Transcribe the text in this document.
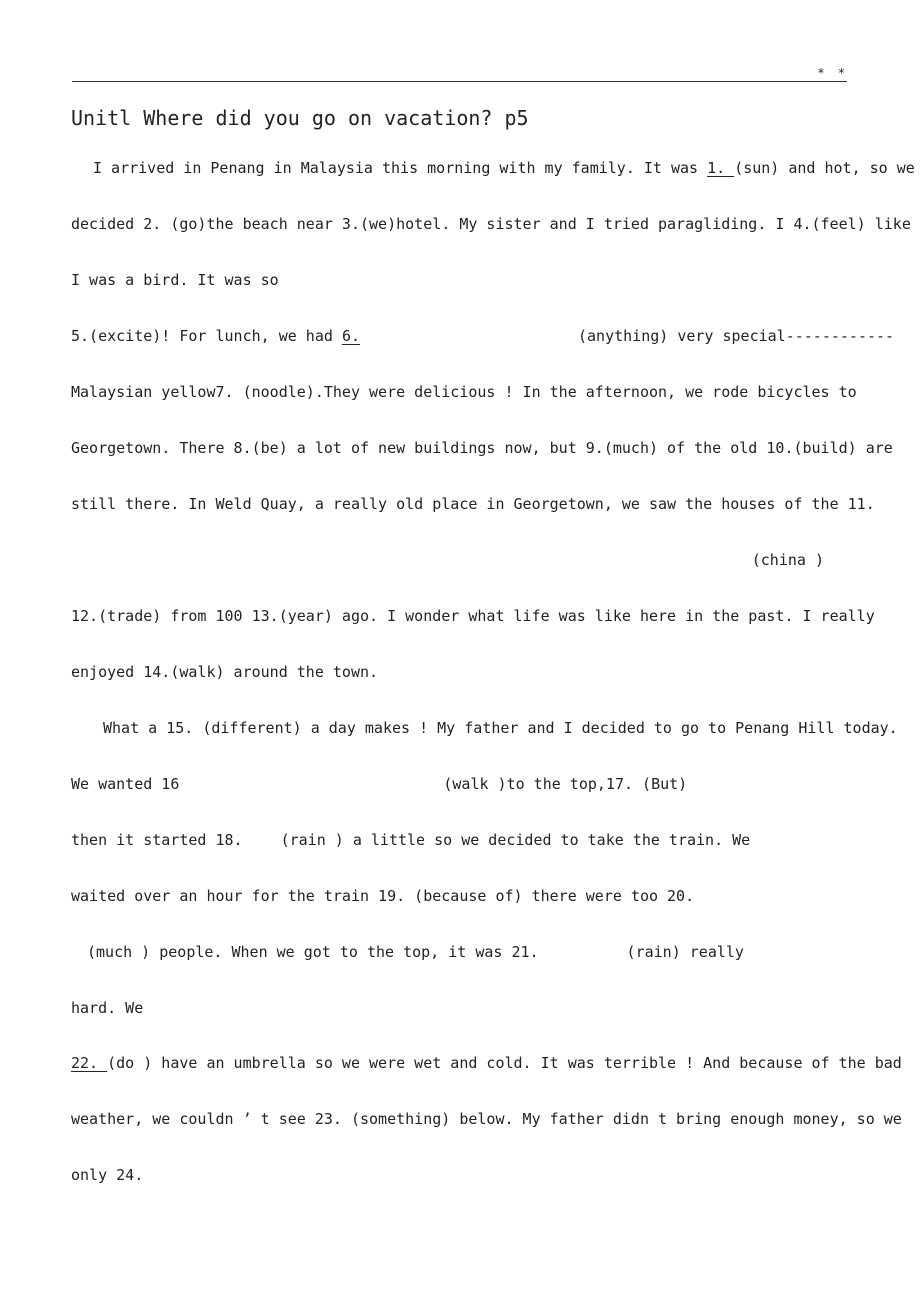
* *
Unitl Where did you go on vacation? p5
I arrived in Penang in Malaysia this morning with my family. It was 1. (sun) and hot, so we
decided 2. (go)the beach near 3.(we)hotel. My sister and I tried paragliding. I 4.(feel) like
I was a bird. It was so
5.(excite)! For lunch, we had 6.	(anything) very special------------
Malaysian yellow7. (noodle).They were delicious ! In the afternoon, we rode bicycles to
Georgetown. There 8.(be) a lot of new buildings now, but 9.(much) of the old 10.(build) are
still there. In Weld Quay, a really old place in Georgetown, we saw the houses of the 11.
(china )
12.(trade) from 100 13.(year) ago. I wonder what life was like here in the past. I really
enjoyed 14.(walk) around the town.
What a 15. (different) a day makes ! My father and I decided to go to Penang Hill today.
We wanted 16	(walk )to the top,17. (But)
then it started 18.	(rain ) a little so we decided to take the train. We
waited over an hour for the train 19. (because of) there were too 20.
(much ) people. When we got to the top, it was 21.	(rain) really
hard. We
22. (do ) have an umbrella so we were wet and cold. It was terrible ! And because of the bad
weather, we couldn ’ t see 23. (something) below. My father didn t bring enough money, so we
only 24.
